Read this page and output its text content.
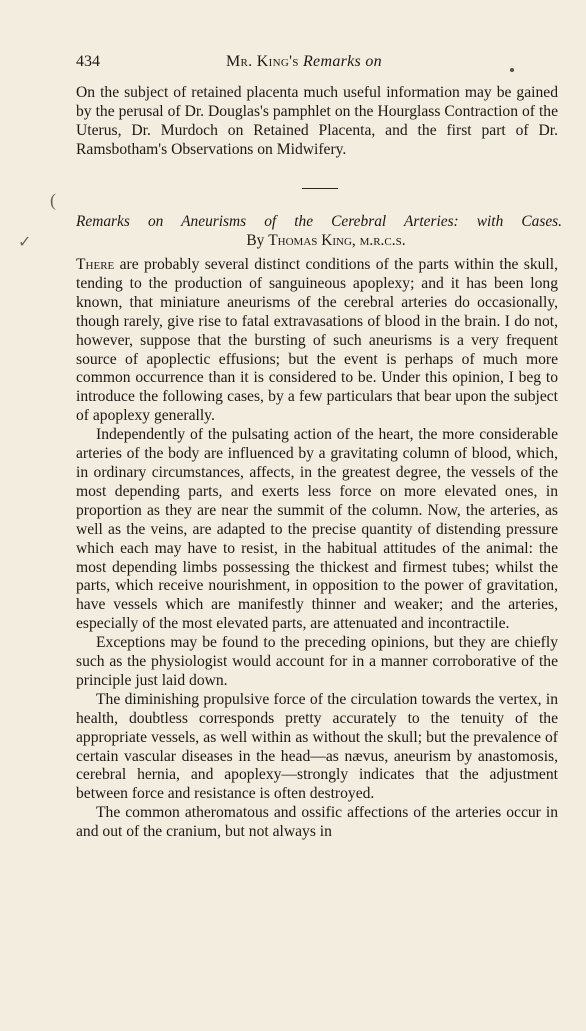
434	Mr. King's Remarks on

On the subject of retained placenta much useful information may be gained by the perusal of Dr. Douglas's pamphlet on the Hourglass Contraction of the Uterus, Dr. Murdoch on Retained Placenta, and the first part of Dr. Ramsbotham's Observations on Midwifery.

(
✓
Remarks on Aneurisms of the Cerebral Arteries: with Cases.
By Thomas King, m.r.c.s.

There are probably several distinct conditions of the parts within the skull, tending to the production of sanguineous apoplexy; and it has been long known, that miniature aneurisms of the cerebral arteries do occasionally, though rarely, give rise to fatal extravasations of blood in the brain. I do not, however, suppose that the bursting of such aneurisms is a very frequent source of apoplectic effusions; but the event is perhaps of much more common occurrence than it is considered to be. Under this opinion, I beg to introduce the following cases, by a few particulars that bear upon the subject of apoplexy generally.

Independently of the pulsating action of the heart, the more considerable arteries of the body are influenced by a gravitating column of blood, which, in ordinary circumstances, affects, in the greatest degree, the vessels of the most depending parts, and exerts less force on more elevated ones, in proportion as they are near the summit of the column. Now, the arteries, as well as the veins, are adapted to the precise quantity of distending pressure which each may have to resist, in the habitual attitudes of the animal: the most depending limbs possessing the thickest and firmest tubes; whilst the parts, which receive nourishment, in opposition to the power of gravitation, have vessels which are manifestly thinner and weaker; and the arteries, especially of the most elevated parts, are attenuated and incontractile.

Exceptions may be found to the preceding opinions, but they are chiefly such as the physiologist would account for in a manner corroborative of the principle just laid down.

The diminishing propulsive force of the circulation towards the vertex, in health, doubtless corresponds pretty accurately to the tenuity of the appropriate vessels, as well within as without the skull; but the prevalence of certain vascular diseases in the head—as nævus, aneurism by anastomosis, cerebral hernia, and apoplexy—strongly indicates that the adjustment between force and resistance is often destroyed.

The common atheromatous and ossific affections of the arteries occur in and out of the cranium, but not always in
